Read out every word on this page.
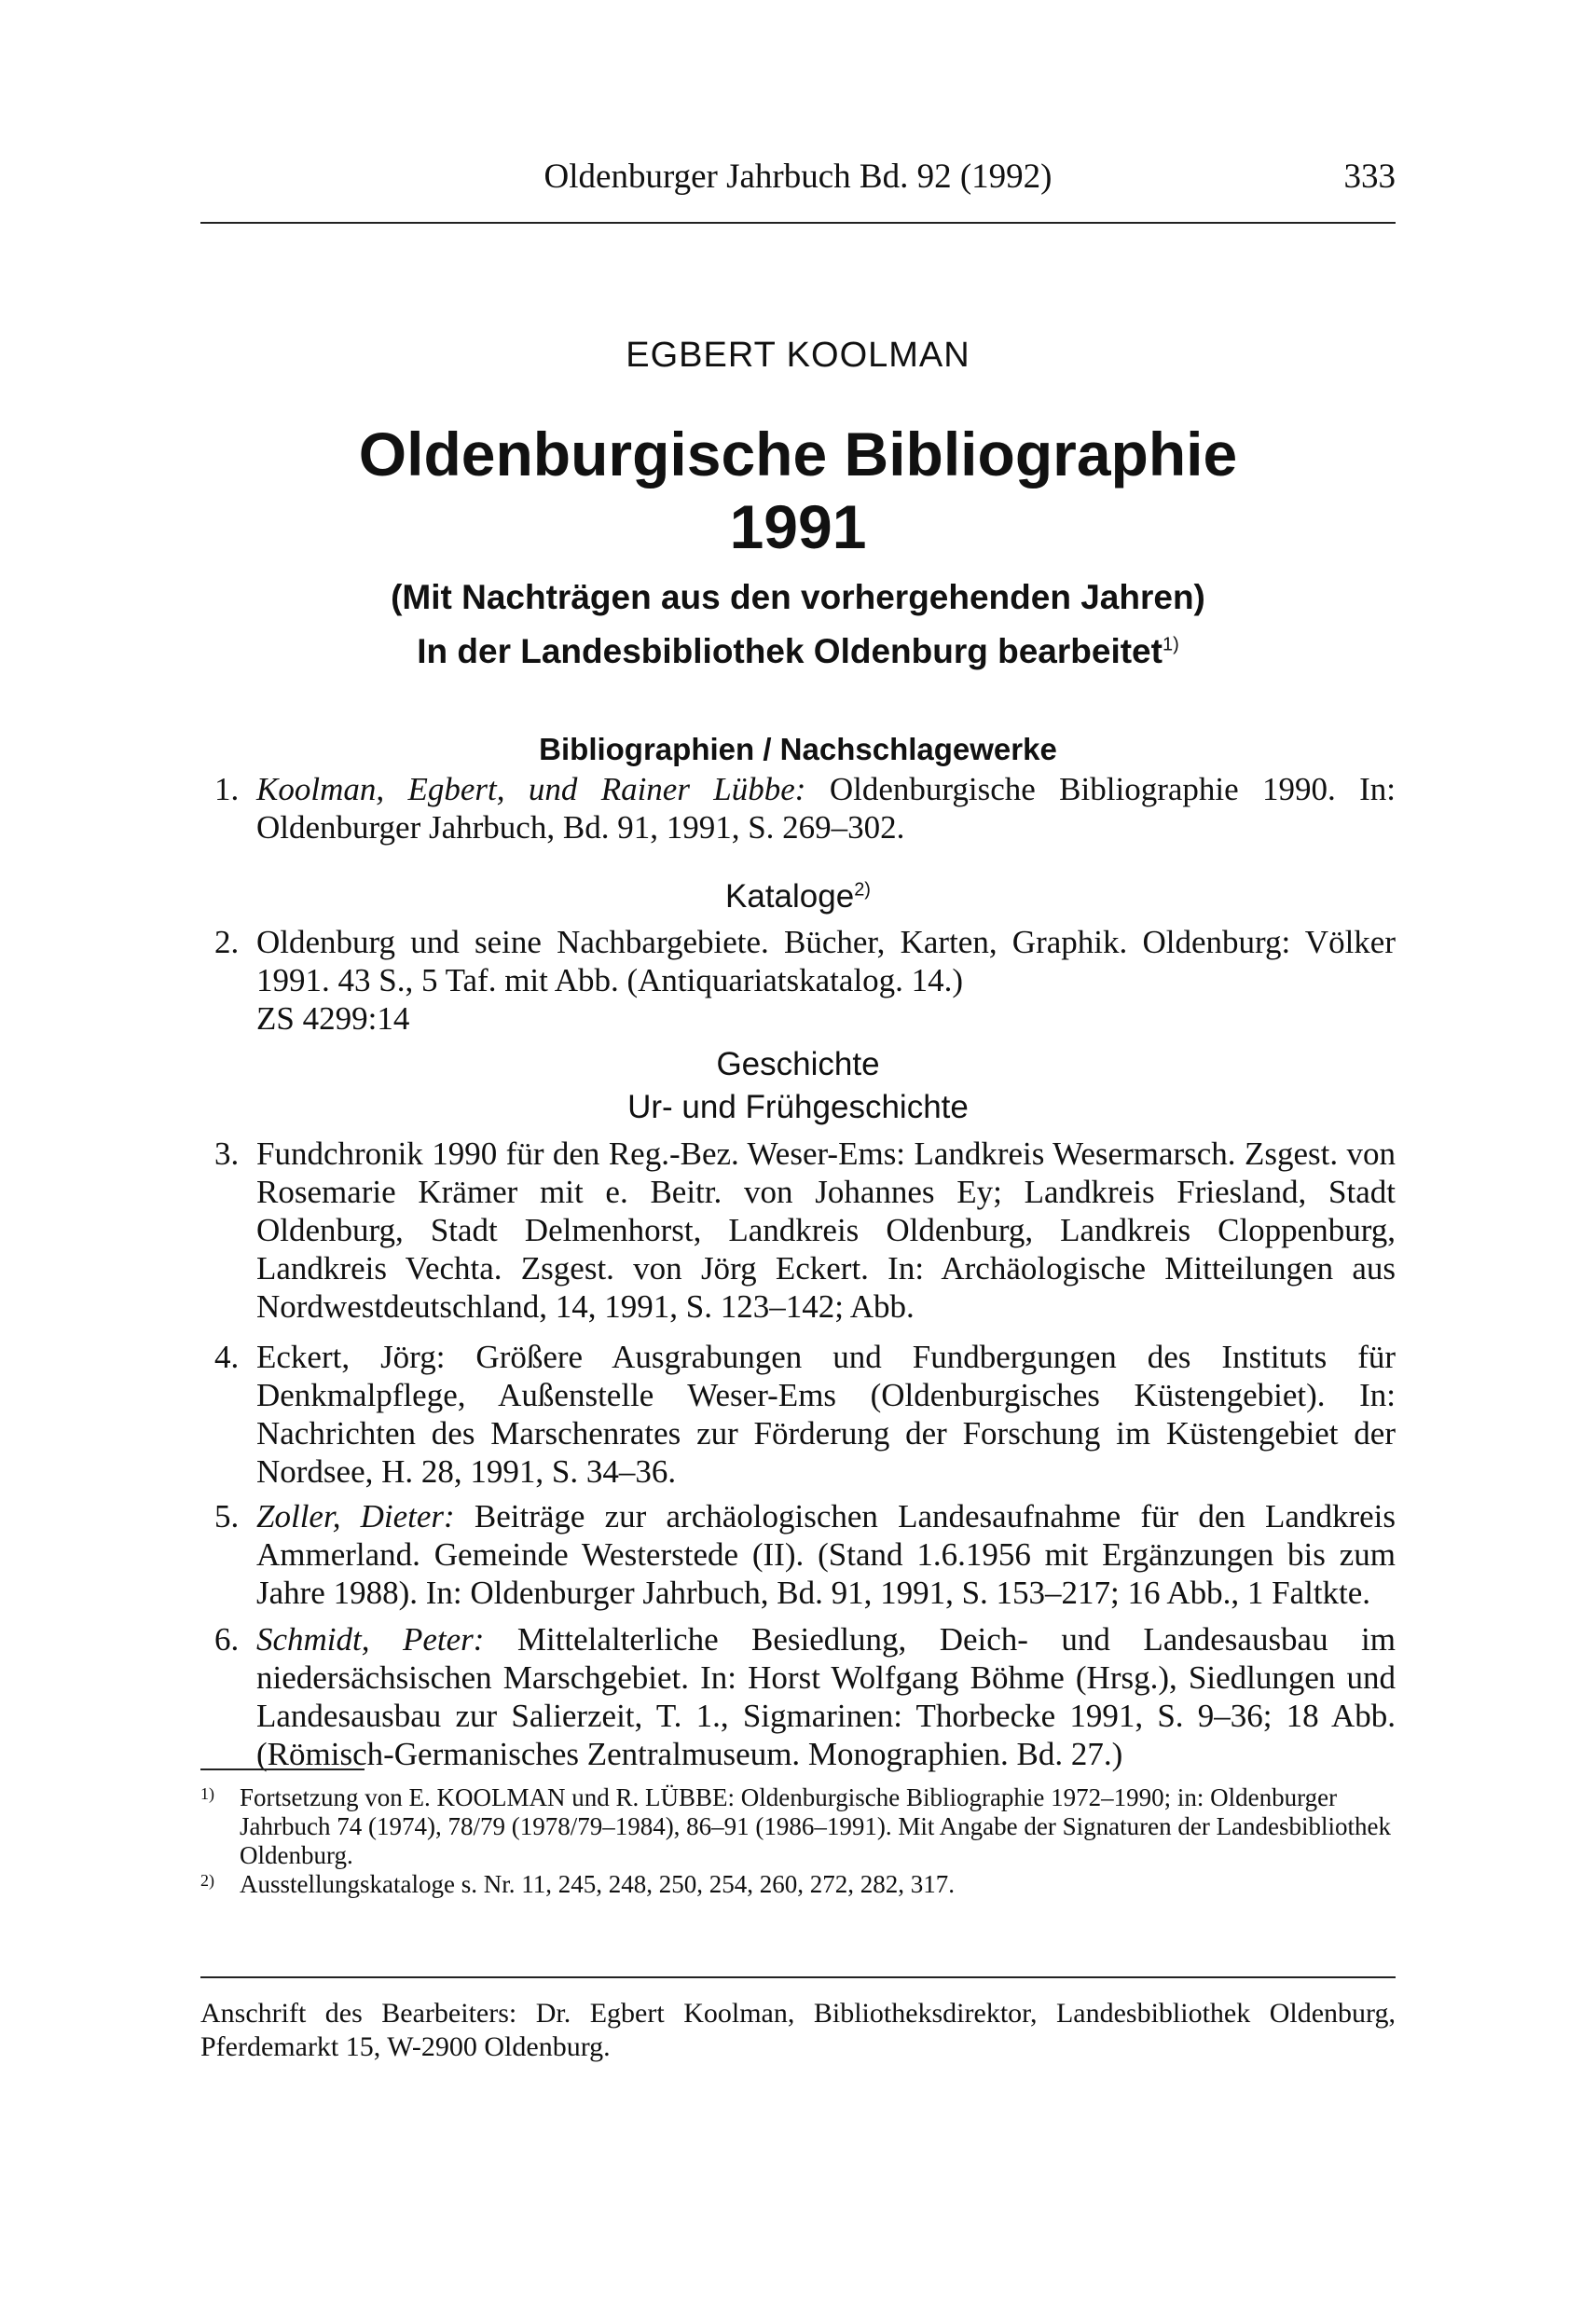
Oldenburger Jahrbuch Bd. 92 (1992)	333
EGBERT KOOLMAN
Oldenburgische Bibliographie
1991
(Mit Nachträgen aus den vorhergehenden Jahren)
In der Landesbibliothek Oldenburg bearbeitet$^{1)}$
Bibliographien / Nachschlagewerke
1. Koolman, Egbert, und Rainer Lübbe: Oldenburgische Bibliographie 1990. In: Oldenburger Jahrbuch, Bd. 91, 1991, S. 269–302.
Kataloge$^{2)}$
2. Oldenburg und seine Nachbargebiete. Bücher, Karten, Graphik. Oldenburg: Völker 1991. 43 S., 5 Taf. mit Abb. (Antiquariatskatalog. 14.)
ZS 4299:14
Geschichte
Ur- und Frühgeschichte
3. Fundchronik 1990 für den Reg.-Bez. Weser-Ems: Landkreis Wesermarsch. Zsgest. von Rosemarie Krämer mit e. Beitr. von Johannes Ey; Landkreis Friesland, Stadt Oldenburg, Stadt Delmenhorst, Landkreis Oldenburg, Landkreis Cloppenburg, Landkreis Vechta. Zsgest. von Jörg Eckert. In: Archäologische Mitteilungen aus Nordwestdeutschland, 14, 1991, S. 123–142; Abb.
4. Eckert, Jörg: Größere Ausgrabungen und Fundbergungen des Instituts für Denkmalpflege, Außenstelle Weser-Ems (Oldenburgisches Küstengebiet). In: Nachrichten des Marschenrates zur Förderung der Forschung im Küstengebiet der Nordsee, H. 28, 1991, S. 34–36.
5. Zoller, Dieter: Beiträge zur archäologischen Landesaufnahme für den Landkreis Ammerland. Gemeinde Westerstede (II). (Stand 1.6.1956 mit Ergänzungen bis zum Jahre 1988). In: Oldenburger Jahrbuch, Bd. 91, 1991, S. 153–217; 16 Abb., 1 Faltkte.
6. Schmidt, Peter: Mittelalterliche Besiedlung, Deich- und Landesausbau im niedersächsischen Marschgebiet. In: Horst Wolfgang Böhme (Hrsg.), Siedlungen und Landesausbau zur Salierzeit, T. 1., Sigmarinen: Thorbecke 1991, S. 9–36; 18 Abb. (Römisch-Germanisches Zentralmuseum. Monographien. Bd. 27.)
1) Fortsetzung von E. KOOLMAN und R. LÜBBE: Oldenburgische Bibliographie 1972–1990; in: Oldenburger Jahrbuch 74 (1974), 78/79 (1978/79–1984), 86–91 (1986–1991). Mit Angabe der Signaturen der Landesbibliothek Oldenburg.
2) Ausstellungskataloge s. Nr. 11, 245, 248, 250, 254, 260, 272, 282, 317.
Anschrift des Bearbeiters: Dr. Egbert Koolman, Bibliotheksdirektor, Landesbibliothek Oldenburg, Pferdemarkt 15, W-2900 Oldenburg.
